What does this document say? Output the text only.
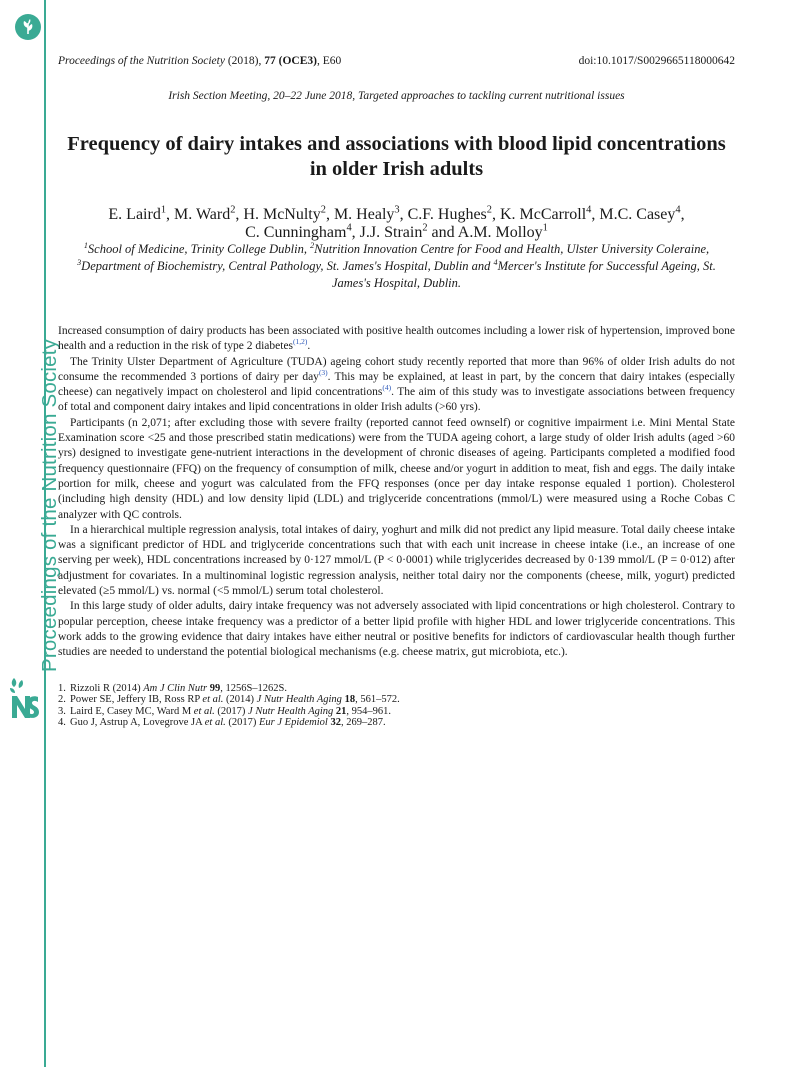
Proceedings of the Nutrition Society
Proceedings of the Nutrition Society (2018), 77 (OCE3), E60	doi:10.1017/S0029665118000642
Irish Section Meeting, 20–22 June 2018, Targeted approaches to tackling current nutritional issues
Frequency of dairy intakes and associations with blood lipid concentrations
in older Irish adults
E. Laird$^1$, M. Ward$^2$, H. McNulty$^2$, M. Healy$^3$, C.F. Hughes$^2$, K. McCarroll$^4$, M.C. Casey$^4$,
C. Cunningham$^4$, J.J. Strain$^2$ and A.M. Molloy$^1$
$^1$School of Medicine, Trinity College Dublin, $^2$Nutrition Innovation Centre for Food and Health, Ulster University Coleraine, $^3$Department of Biochemistry, Central Pathology, St. James's Hospital, Dublin and $^4$Mercer's Institute for Successful Ageing, St. James's Hospital, Dublin.

Increased consumption of dairy products has been associated with positive health outcomes including a lower risk of hypertension, improved bone health and a reduction in the risk of type 2 diabetes$^{(1,2)}$.

The Trinity Ulster Department of Agriculture (TUDA) ageing cohort study recently reported that more than 96% of older Irish adults do not consume the recommended 3 portions of dairy per day$^{(3)}$. This may be explained, at least in part, by the concern that dairy intakes (especially cheese) can negatively impact on cholesterol and lipid concentrations$^{(4)}$. The aim of this study was to investigate associations between frequency of total and component dairy intakes and lipid concentrations in older Irish adults (>60 yrs).

Participants (n 2,071; after excluding those with severe frailty (reported cannot feed ownself) or cognitive impairment i.e. Mini Mental State Examination score <25 and those prescribed statin medications) were from the TUDA ageing cohort, a large study of older Irish adults (aged >60 yrs) designed to investigate gene-nutrient interactions in the development of chronic diseases of ageing. Participants completed a modified food frequency questionnaire (FFQ) on the frequency of consumption of milk, cheese and/or yogurt in addition to meat, fish and eggs. The daily intake portion for milk, cheese and yogurt was calculated from the FFQ responses (once per day intake response equaled 1 portion). Cholesterol (including high density (HDL) and low density lipid (LDL) and triglyceride concentrations (mmol/L) were measured using a Roche Cobas C analyzer with QC controls.

In a hierarchical multiple regression analysis, total intakes of dairy, yoghurt and milk did not predict any lipid measure. Total daily cheese intake was a significant predictor of HDL and triglyceride concentrations such that with each unit increase in cheese intake (i.e., an increase of one serving per week), HDL concentrations increased by 0·127 mmol/L (P < 0·0001) while triglycerides decreased by 0·139 mmol/L (P = 0·012) after adjustment for covariates. In a multinominal logistic regression analysis, neither total dairy nor the components (cheese, milk, yogurt) predicted elevated (≥5 mmol/L) vs. normal (<5 mmol/L) serum total cholesterol.

In this large study of older adults, dairy intake frequency was not adversely associated with lipid concentrations or high cholesterol. Contrary to popular perception, cheese intake frequency was a predictor of a better lipid profile with higher HDL and lower triglyceride concentrations. This work adds to the growing evidence that dairy intakes have either neutral or positive benefits for indictors of cardiovascular health though further studies are needed to understand the potential biological mechanisms (e.g. cheese matrix, gut microbiota, etc.).

1. Rizzoli R (2014) Am J Clin Nutr 99, 1256S–1262S.
2. Power SE, Jeffery IB, Ross RP et al. (2014) J Nutr Health Aging 18, 561–572.
3. Laird E, Casey MC, Ward M et al. (2017) J Nutr Health Aging 21, 954–961.
4. Guo J, Astrup A, Lovegrove JA et al. (2017) Eur J Epidemiol 32, 269–287.
